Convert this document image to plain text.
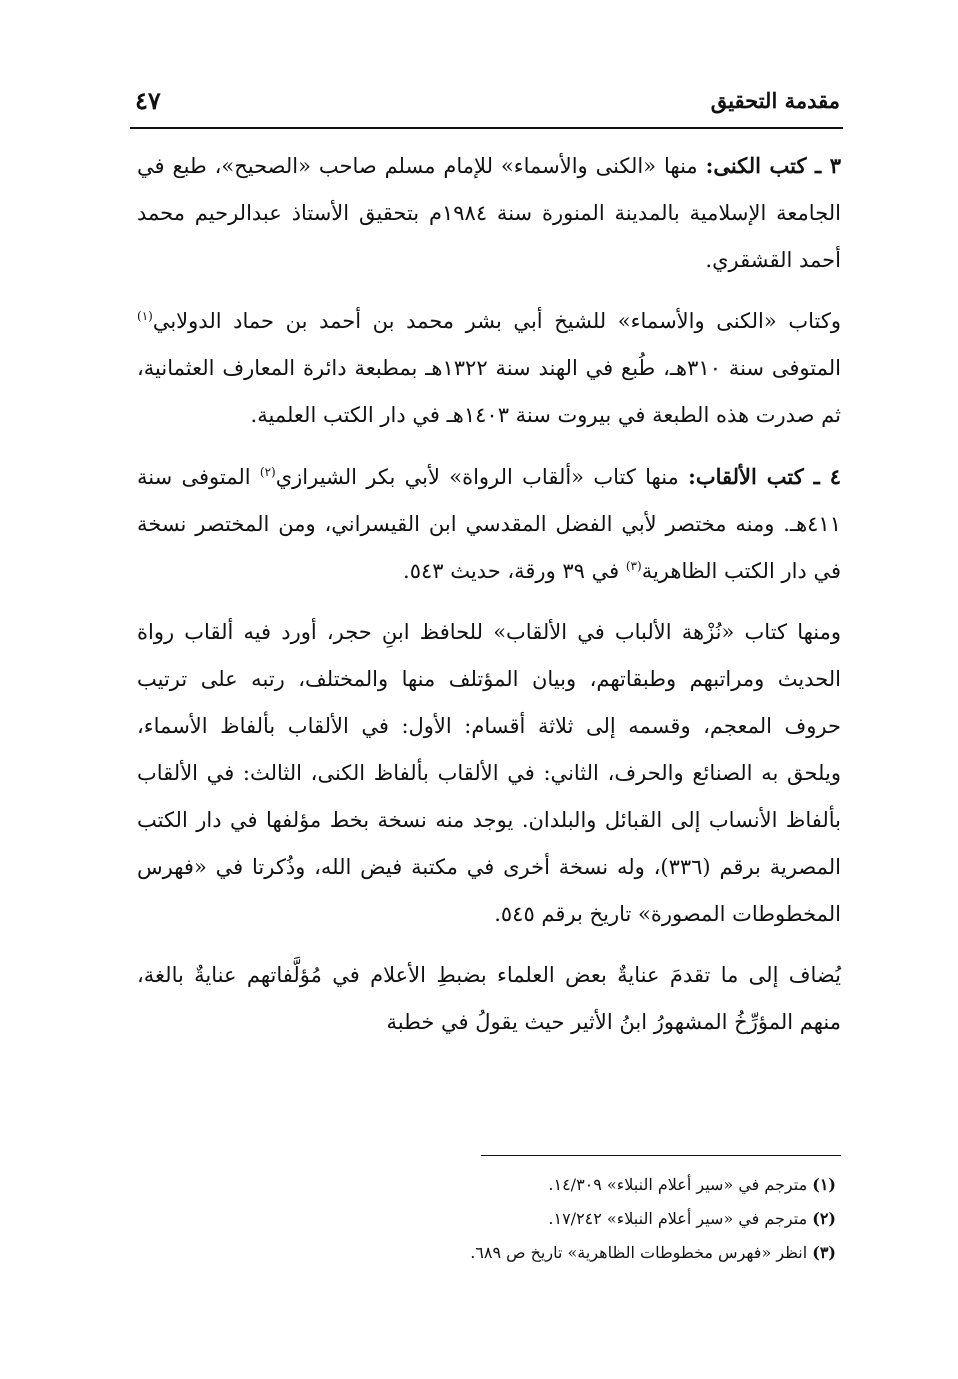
مقدمة التحقيق
٤٧

٣ ـ كتب الكنى: منها «الكنى والأسماء» للإمام مسلم صاحب «الصحيح»، طبع في الجامعة الإسلامية بالمدينة المنورة سنة ١٩٨٤م بتحقيق الأستاذ عبدالرحيم محمد أحمد القشقري.

وكتاب «الكنى والأسماء» للشيخ أبي بشر محمد بن أحمد بن حماد الدولابي$^{(١)}$ المتوفى سنة ٣١٠هـ، طُبع في الهند سنة ١٣٢٢هـ بمطبعة دائرة المعارف العثمانية، ثم صدرت هذه الطبعة في بيروت سنة ١٤٠٣هـ في دار الكتب العلمية.

٤ ـ كتب الألقاب: منها كتاب «ألقاب الرواة» لأبي بكر الشيرازي$^{(٢)}$ المتوفى سنة ٤١١هـ. ومنه مختصر لأبي الفضل المقدسي ابن القيسراني، ومن المختصر نسخة في دار الكتب الظاهرية$^{(٣)}$ في ٣٩ ورقة، حديث ٥٤٣.

ومنها كتاب «نُزْهة الألباب في الألقاب» للحافظ ابنِ حجر، أورد فيه ألقاب رواة الحديث ومراتبهم وطبقاتهم، وبيان المؤتلف منها والمختلف، رتبه على ترتيب حروف المعجم، وقسمه إلى ثلاثة أقسام: الأول: في الألقاب بألفاظ الأسماء، ويلحق به الصنائع والحرف، الثاني: في الألقاب بألفاظ الكنى، الثالث: في الألقاب بألفاظ الأنساب إلى القبائل والبلدان. يوجد منه نسخة بخط مؤلفها في دار الكتب المصرية برقم (٣٣٦)، وله نسخة أخرى في مكتبة فيض الله، وذُكرتا في «فهرس المخطوطات المصورة» تاريخ برقم ٥٤٥.

يُضاف إلى ما تقدمَ عنايةٌ بعض العلماء بضبطِ الأعلام في مُؤلَّفاتهم عنايةٌ بالغة، منهم المؤرِّخُ المشهورُ ابنُ الأثير حيث يقولُ في خطبة

(١) مترجم في «سير أعلام النبلاء» ١٤/٣٠٩.

(٢) مترجم في «سير أعلام النبلاء» ١٧/٢٤٢.

(٣) انظر «فهرس مخطوطات الظاهرية» تاريخ ص ٦٨٩.
